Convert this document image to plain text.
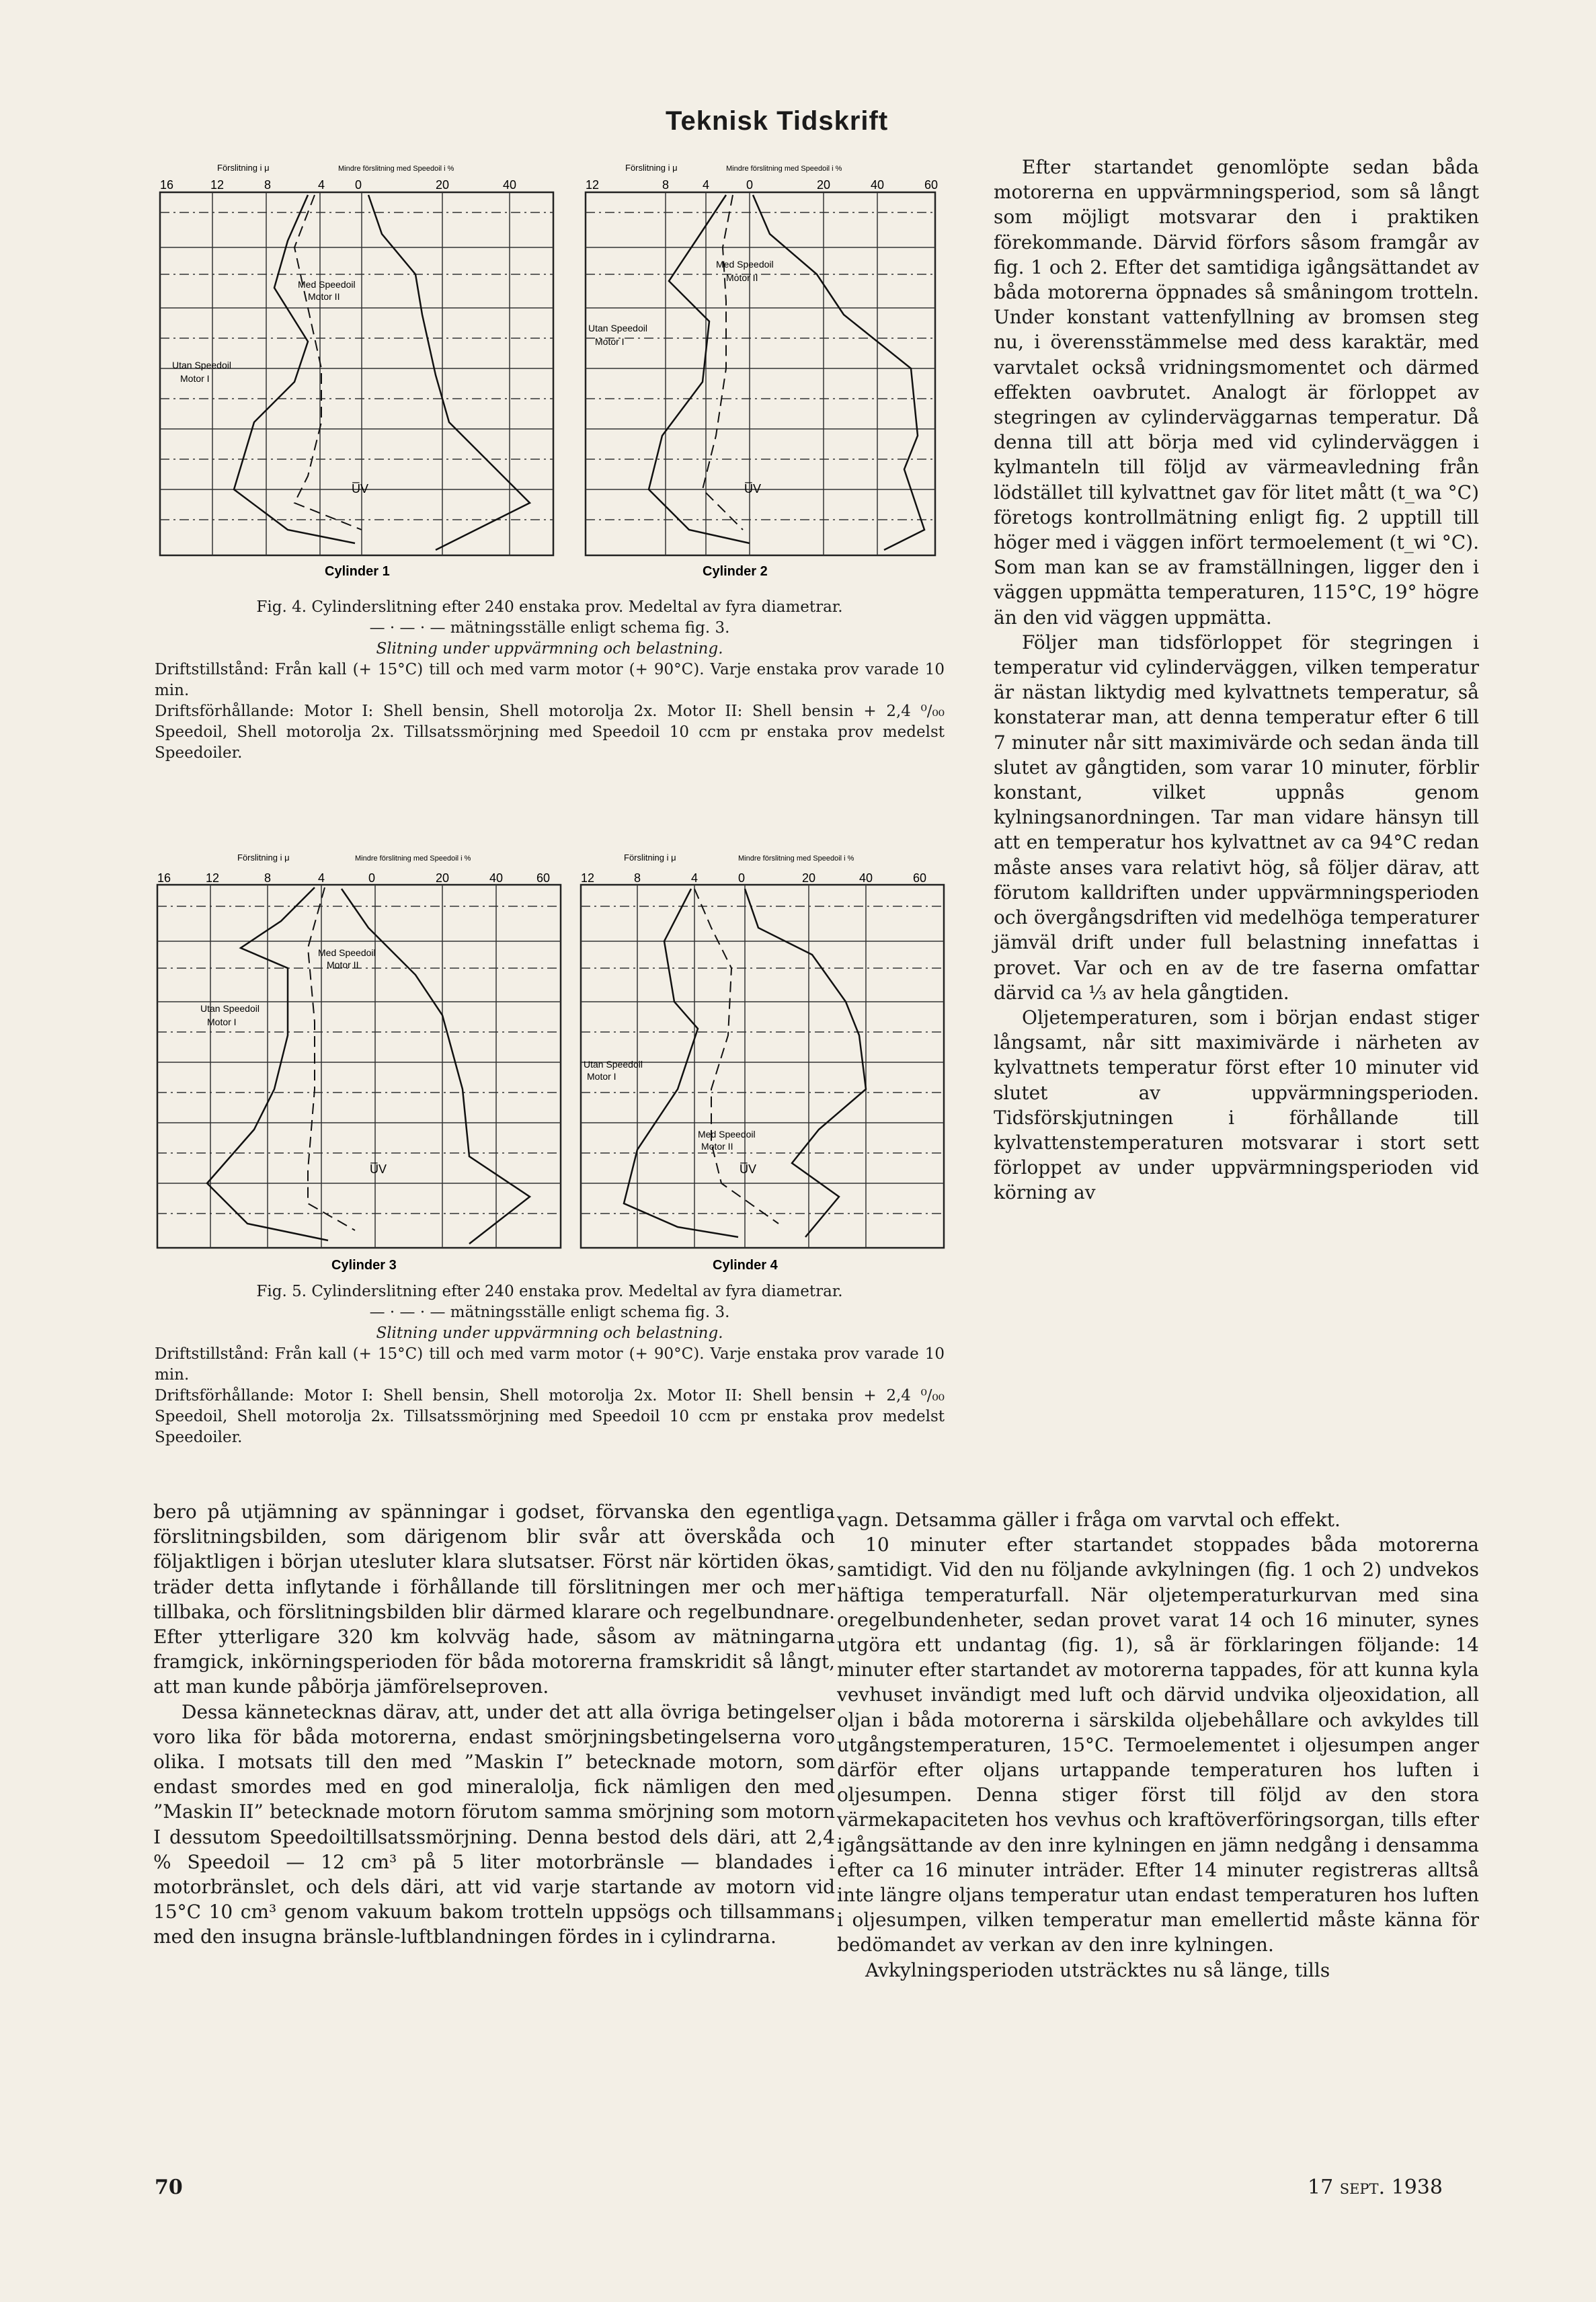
Teknisk Tidskrift
Förslitning i μ	Mindre förslitning med Speedoil i %
16	12	8	4 0	20	40
Med Speedoil
Motor II
Utan Speedoil
Motor I
U̅V
Cylinder 1
Förslitning i μ	Mindre förslitning med Speedoil i %
12	8	4	0	20	40	60
Med Speedoil
Motor II
Utan Speedoil
Motor I
U̅V
Cylinder 2

Fig. 4. Cylinderslitning efter 240 enstaka prov. Medeltal av fyra diametrar.

— · — · — mätningsställe enligt schema fig. 3.

Slitning under uppvärmning och belastning.

Driftstillstånd: Från kall (+ 15°C) till och med varm motor (+ 90°C). Varje enstaka prov varade 10 min.

Driftsförhållande: Motor I: Shell bensin, Shell motorolja 2x. Motor II: Shell bensin + 2,4 ⁰/₀₀ Speedoil, Shell motorolja 2x. Tillsatssmörjning med Speedoil 10 ccm pr enstaka prov medelst Speedoiler.

Förslitning i μ	Mindre förslitning med Speedoil i %
16	12	8	4	0	20	40	60
Med Speedoil
Motor II
Utan Speedoil
Motor I
U̅V
Cylinder 3
Förslitning i μ	Mindre förslitning med Speedoil i %
12	8	4	0	20	40	60
Utan Speedoil
Motor I
Med Speedoil
Motor II
U̅V
Cylinder 4

Fig. 5. Cylinderslitning efter 240 enstaka prov. Medeltal av fyra diametrar.

— · — · — mätningsställe enligt schema fig. 3.

Slitning under uppvärmning och belastning.

Driftstillstånd: Från kall (+ 15°C) till och med varm motor (+ 90°C). Varje enstaka prov varade 10 min.

Driftsförhållande: Motor I: Shell bensin, Shell motorolja 2x. Motor II: Shell bensin + 2,4 ⁰/₀₀ Speedoil, Shell motorolja 2x. Tillsatssmörjning med Speedoil 10 ccm pr enstaka prov medelst Speedoiler.

Efter startandet genomlöpte sedan båda motorerna en uppvärmningsperiod, som så långt som möjligt motsvarar den i praktiken förekommande. Därvid förfors såsom framgår av fig. 1 och 2. Efter det samtidiga igångsättandet av båda motorerna öppnades så småningom trotteln. Under konstant vattenfyllning av bromsen steg nu, i överensstämmelse med dess karaktär, med varvtalet också vridningsmomentet och därmed effekten oavbrutet. Analogt är förloppet av stegringen av cylinderväggarnas temperatur. Då denna till att börja med vid cylinderväggen i kylmanteln till följd av värmeavledning från lödstället till kylvattnet gav för litet mått (t_wa °C) företogs kontrollmätning enligt fig. 2 upptill till höger med i väggen infört termoelement (t_wi °C). Som man kan se av framställningen, ligger den i väggen uppmätta temperaturen, 115°C, 19° högre än den vid väggen uppmätta.

Följer man tidsförloppet för stegringen i temperatur vid cylinderväggen, vilken temperatur är nästan liktydig med kylvattnets temperatur, så konstaterar man, att denna temperatur efter 6 till 7 minuter når sitt maximivärde och sedan ända till slutet av gångtiden, som varar 10 minuter, förblir konstant, vilket uppnås genom kylningsanordningen. Tar man vidare hänsyn till att en temperatur hos kylvattnet av ca 94°C redan måste anses vara relativt hög, så följer därav, att förutom kalldriften under uppvärmningsperioden och övergångsdriften vid medelhöga temperaturer jämväl drift under full belastning innefattas i provet. Var och en av de tre faserna omfattar därvid ca ⅓ av hela gångtiden.

Oljetemperaturen, som i början endast stiger långsamt, når sitt maximivärde i närheten av kylvattnets temperatur först efter 10 minuter vid slutet av uppvärmningsperioden. Tidsförskjutningen i förhållande till kylvattenstemperaturen motsvarar i stort sett förloppet av under uppvärmningsperioden vid körning av

bero på utjämning av spänningar i godset, förvanska den egentliga förslitningsbilden, som därigenom blir svår att överskåda och följaktligen i början utesluter klara slutsatser. Först när körtiden ökas, träder detta inflytande i förhållande till förslitningen mer och mer tillbaka, och förslitningsbilden blir därmed klarare och regelbundnare. Efter ytterligare 320 km kolvväg hade, såsom av mätningarna framgick, inkörningsperioden för båda motorerna framskridit så långt, att man kunde påbörja jämförelseproven.

Dessa kännetecknas därav, att, under det att alla övriga betingelser voro lika för båda motorerna, endast smörjningsbetingelserna voro olika. I motsats till den med ”Maskin I” betecknade motorn, som endast smordes med en god mineralolja, fick nämligen den med ”Maskin II” betecknade motorn förutom samma smörjning som motorn I dessutom Speedoiltillsatssmörjning. Denna bestod dels däri, att 2,4 % Speedoil — 12 cm³ på 5 liter motorbränsle — blandades i motorbränslet, och dels däri, att vid varje startande av motorn vid 15°C 10 cm³ genom vakuum bakom trotteln uppsögs och tillsammans med den insugna bränsle-luftblandningen fördes in i cylindrarna.

vagn. Detsamma gäller i fråga om varvtal och effekt.

10 minuter efter startandet stoppades båda motorerna samtidigt. Vid den nu följande avkylningen (fig. 1 och 2) undvekos häftiga temperaturfall. När oljetemperaturkurvan med sina oregelbundenheter, sedan provet varat 14 och 16 minuter, synes utgöra ett undantag (fig. 1), så är förklaringen följande: 14 minuter efter startandet av motorerna tappades, för att kunna kyla vevhuset invändigt med luft och därvid undvika oljeoxidation, all oljan i båda motorerna i särskilda oljebehållare och avkyldes till utgångstemperaturen, 15°C. Termoelementet i oljesumpen anger därför efter oljans urtappande temperaturen hos luften i oljesumpen. Denna stiger först till följd av den stora värmekapaciteten hos vevhus och kraftöverföringsorgan, tills efter igångsättande av den inre kylningen en jämn nedgång i densamma efter ca 16 minuter inträder. Efter 14 minuter registreras alltså inte längre oljans temperatur utan endast temperaturen hos luften i oljesumpen, vilken temperatur man emellertid måste känna för bedömandet av verkan av den inre kylningen.

Avkylningsperioden utsträcktes nu så länge, tills

70	17 sept. 1938
